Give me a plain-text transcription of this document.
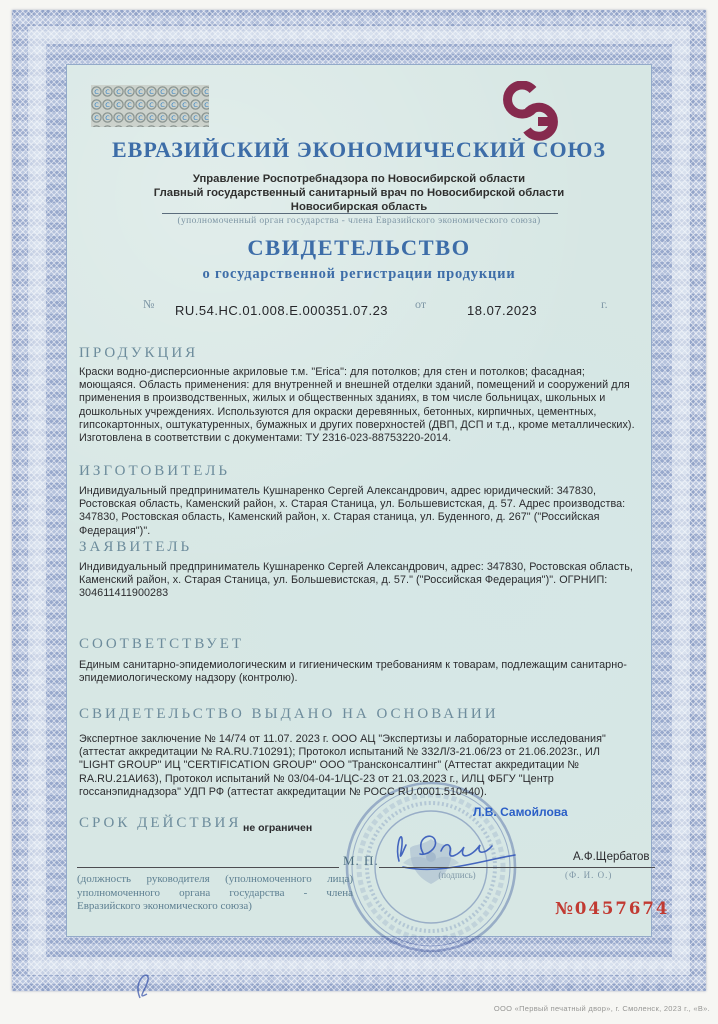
ЕВРАЗИЙСКИЙ ЭКОНОМИЧЕСКИЙ СОЮЗ
Управление Роспотребнадзора по Новосибирской области
Главный государственный санитарный врач по Новосибирской области
Новосибирская область
(уполномоченный орган государства - члена Евразийского экономического союза)
СВИДЕТЕЛЬСТВО
о государственной регистрации продукции
№ RU.54.НС.01.008.Е.000351.07.23 от	18.07.2023	г.
ПРОДУКЦИЯ
Краски водно-дисперсионные акриловые т.м. "Erica": для потолков; для стен и потолков; фасадная; моющаяся. Область применения: для внутренней и внешней отделки зданий, помещений и сооружений для применения в производственных, жилых и общественных зданиях, в том числе больницах, школьных и дошкольных учреждениях. Используются для окраски деревянных, бетонных, кирпичных, цементных, гипсокартонных, оштукатуренных, бумажных и других поверхностей (ДВП, ДСП и т.д., кроме металлических). Изготовлена в соответствии с документами: ТУ 2316-023-88753220-2014.
ИЗГОТОВИТЕЛЬ
Индивидуальный предприниматель Кушнаренко Сергей Александрович, адрес юридический: 347830, Ростовская область, Каменский район, х. Старая Станица, ул. Большевистская, д. 57. Адрес производства: 347830, Ростовская область, Каменский район, х. Старая станица, ул. Буденного, д. 267" ("Российская Федерация")".
ЗАЯВИТЕЛЬ
Индивидуальный предприниматель Кушнаренко Сергей Александрович, адрес: 347830, Ростовская область, Каменский район, х. Старая Станица, ул. Большевистская, д. 57." ("Российская Федерация")". ОГРНИП: 304611411900283
СООТВЕТСТВУЕТ
Единым санитарно-эпидемиологическим и гигиеническим требованиям к товарам, подлежащим санитарно-эпидемиологическому надзору (контролю).
СВИДЕТЕЛЬСТВО ВЫДАНО НА ОСНОВАНИИ
Экспертное заключение № 14/74 от 11.07. 2023 г. ООО АЦ "Экспертизы и лабораторные исследования" (аттестат аккредитации № RA.RU.710291); Протокол испытаний № 332Л/3-21.06/23 от 21.06.2023г., ИЛ "LIGHT GROUP" ИЦ "CERTIFICATION GROUP" ООО "Трансконсалтинг" (Аттестат аккредитации № RA.RU.21АИ63), Протокол испытаний № 03/04-04-1/ЦС-23 от 21.03.2023 г., ИЛЦ ФБГУ "Центр госсанэпиднадзора" УДП РФ (аттестат аккредитации № РОСС RU.0001.510440).
СРОК ДЕЙСТВИЯ не ограничен
Л.В. Самойлова
М. П.
(подпись)
А.Ф.Щербатов
(Ф. И. О.)
(должность руководителя (уполномоченного лица) уполномоченного органа государства - члена Евразийского экономического союза)	№0457674
ООО «Первый печатный двор», г. Смоленск, 2023 г., «В».
